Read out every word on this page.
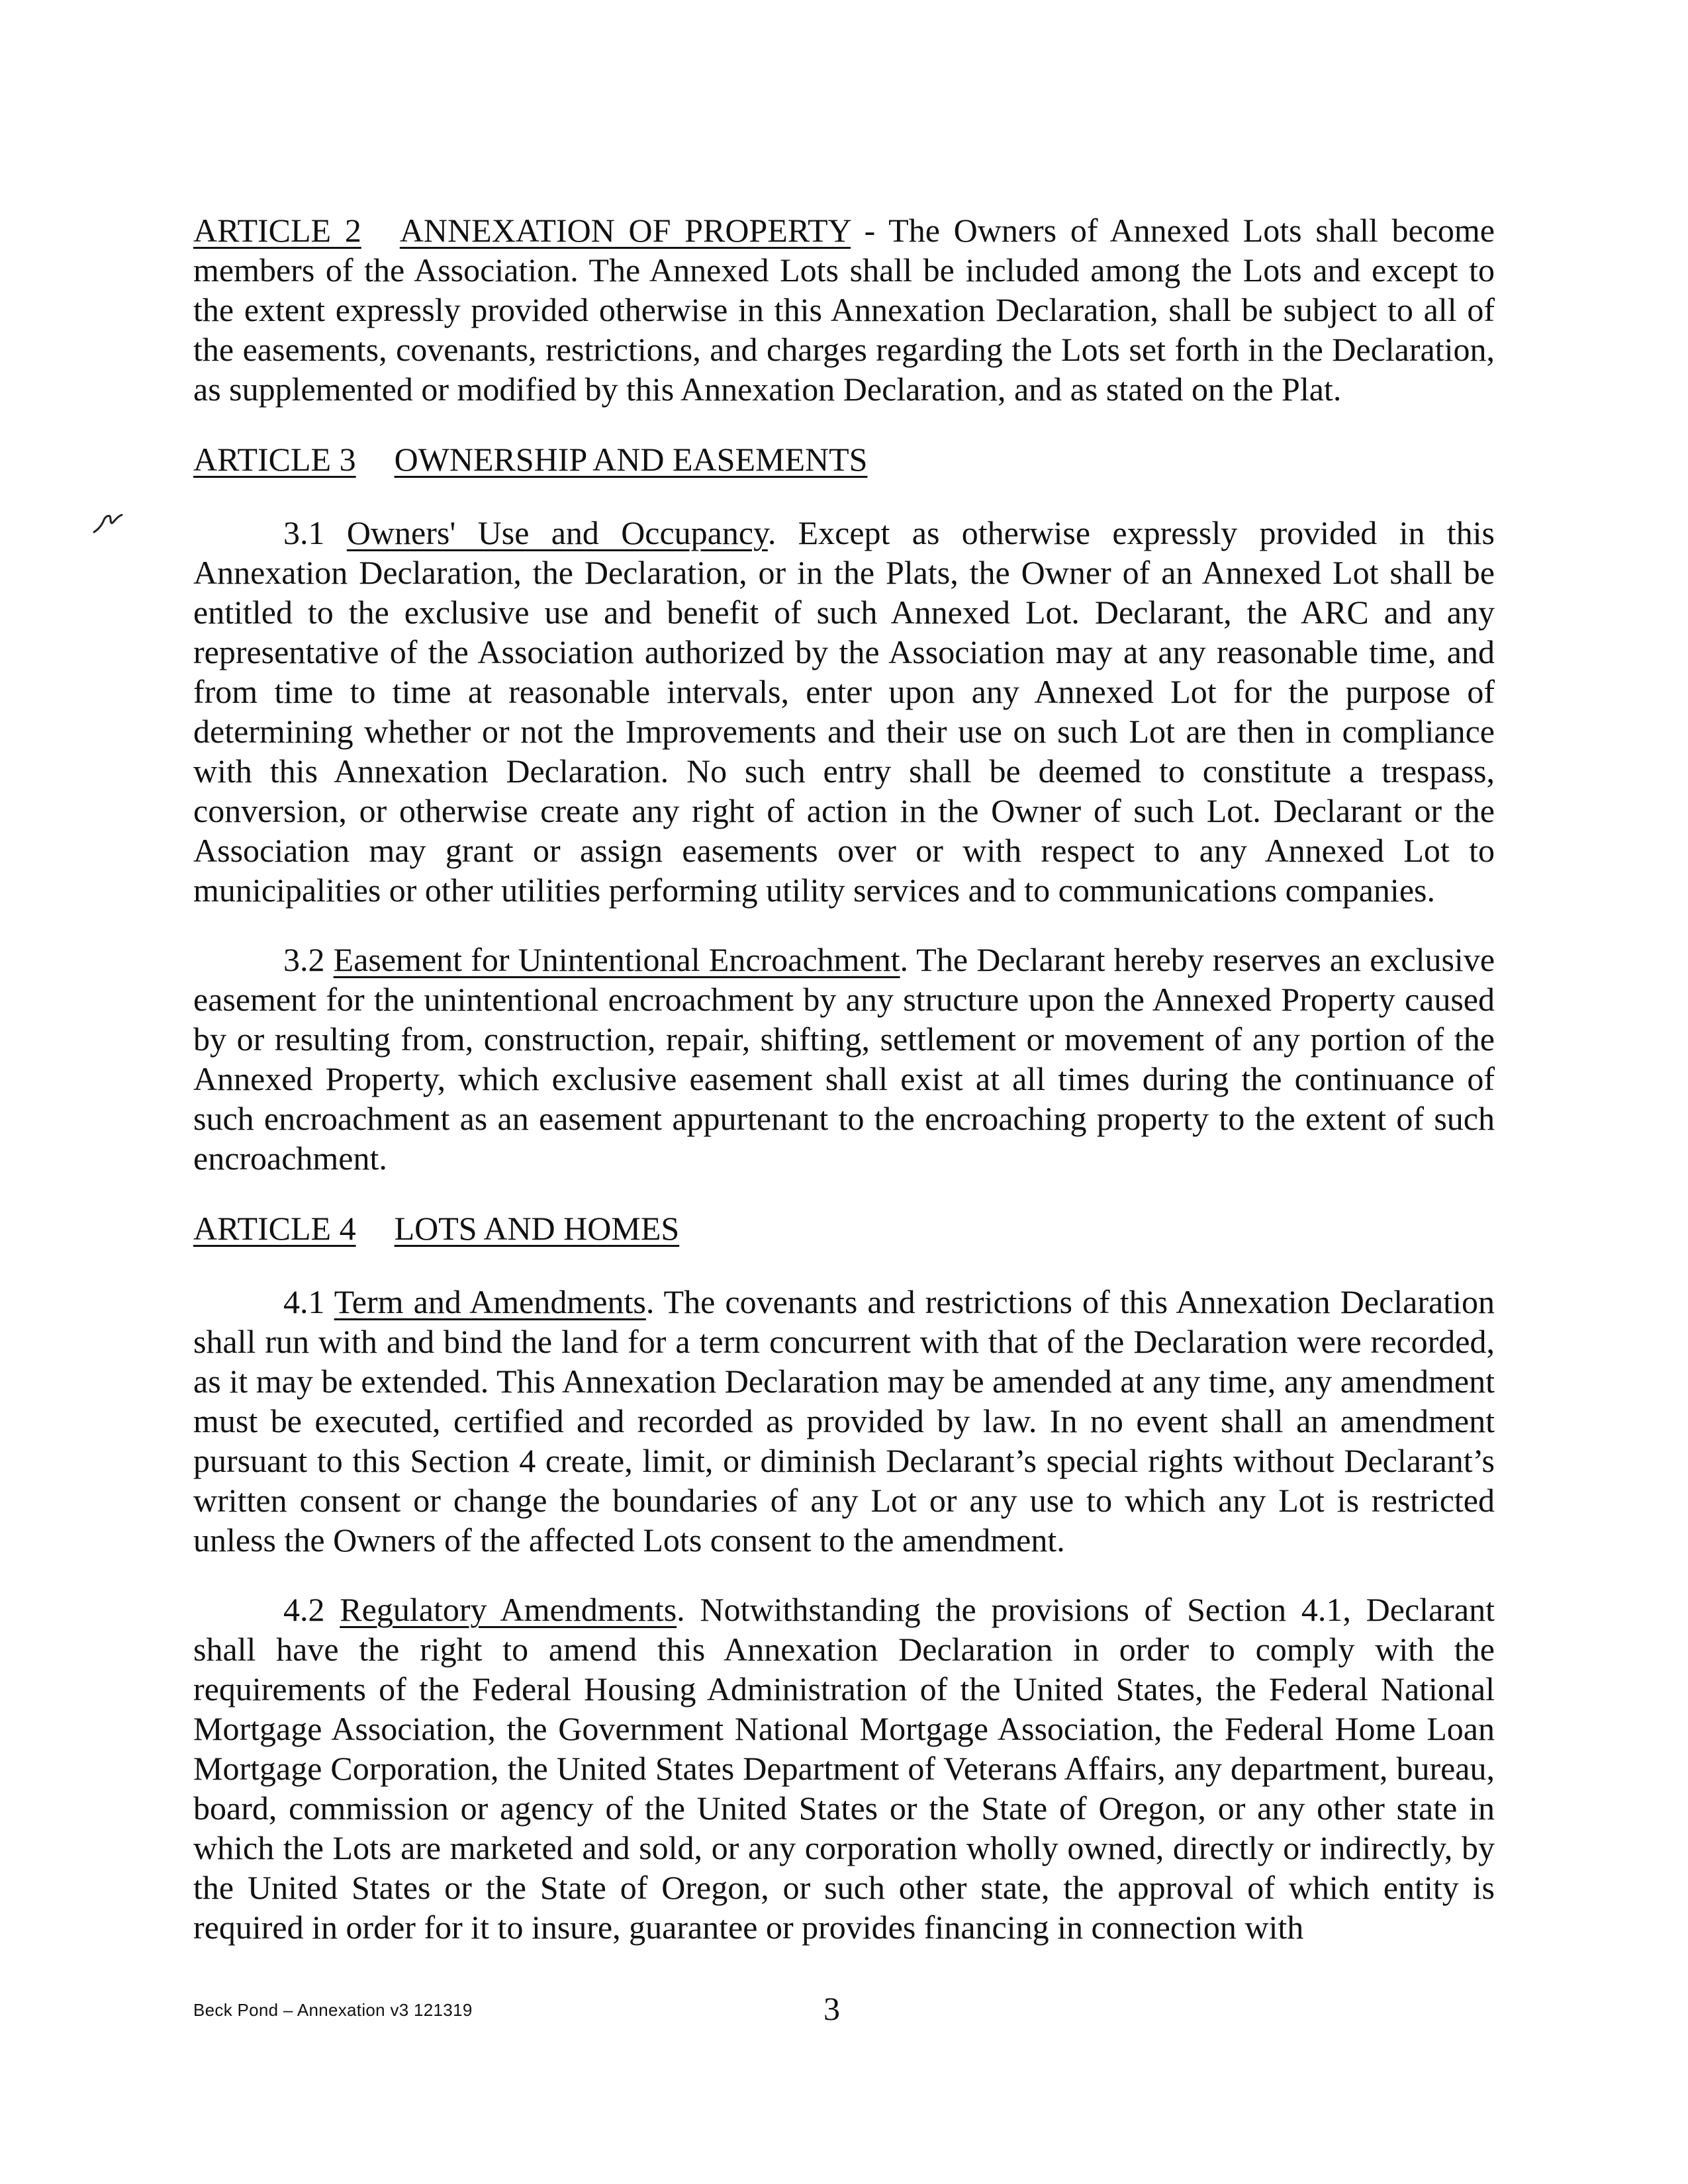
ARTICLE 2 ANNEXATION OF PROPERTY - The Owners of Annexed Lots shall become members of the Association. The Annexed Lots shall be included among the Lots and except to the extent expressly provided otherwise in this Annexation Declaration, shall be subject to all of the easements, covenants, restrictions, and charges regarding the Lots set forth in the Declaration, as supplemented or modified by this Annexation Declaration, and as stated on the Plat.

ARTICLE 3 OWNERSHIP AND EASEMENTS

3.1 Owners' Use and Occupancy. Except as otherwise expressly provided in this Annexation Declaration, the Declaration, or in the Plats, the Owner of an Annexed Lot shall be entitled to the exclusive use and benefit of such Annexed Lot. Declarant, the ARC and any representative of the Association authorized by the Association may at any reasonable time, and from time to time at reasonable intervals, enter upon any Annexed Lot for the purpose of determining whether or not the Improvements and their use on such Lot are then in compliance with this Annexation Declaration. No such entry shall be deemed to constitute a trespass, conversion, or otherwise create any right of action in the Owner of such Lot. Declarant or the Association may grant or assign easements over or with respect to any Annexed Lot to municipalities or other utilities performing utility services and to communications companies.

3.2 Easement for Unintentional Encroachment. The Declarant hereby reserves an exclusive easement for the unintentional encroachment by any structure upon the Annexed Property caused by or resulting from, construction, repair, shifting, settlement or movement of any portion of the Annexed Property, which exclusive easement shall exist at all times during the continuance of such encroachment as an easement appurtenant to the encroaching property to the extent of such encroachment.

ARTICLE 4 LOTS AND HOMES

4.1 Term and Amendments. The covenants and restrictions of this Annexation Declaration shall run with and bind the land for a term concurrent with that of the Declaration were recorded, as it may be extended. This Annexation Declaration may be amended at any time, any amendment must be executed, certified and recorded as provided by law. In no event shall an amendment pursuant to this Section 4 create, limit, or diminish Declarant’s special rights without Declarant’s written consent or change the boundaries of any Lot or any use to which any Lot is restricted unless the Owners of the affected Lots consent to the amendment.

4.2 Regulatory Amendments. Notwithstanding the provisions of Section 4.1, Declarant shall have the right to amend this Annexation Declaration in order to comply with the requirements of the Federal Housing Administration of the United States, the Federal National Mortgage Association, the Government National Mortgage Association, the Federal Home Loan Mortgage Corporation, the United States Department of Veterans Affairs, any department, bureau, board, commission or agency of the United States or the State of Oregon, or any other state in which the Lots are marketed and sold, or any corporation wholly owned, directly or indirectly, by the United States or the State of Oregon, or such other state, the approval of which entity is required in order for it to insure, guarantee or provides financing in connection with

Beck Pond – Annexation v3 121319	3
